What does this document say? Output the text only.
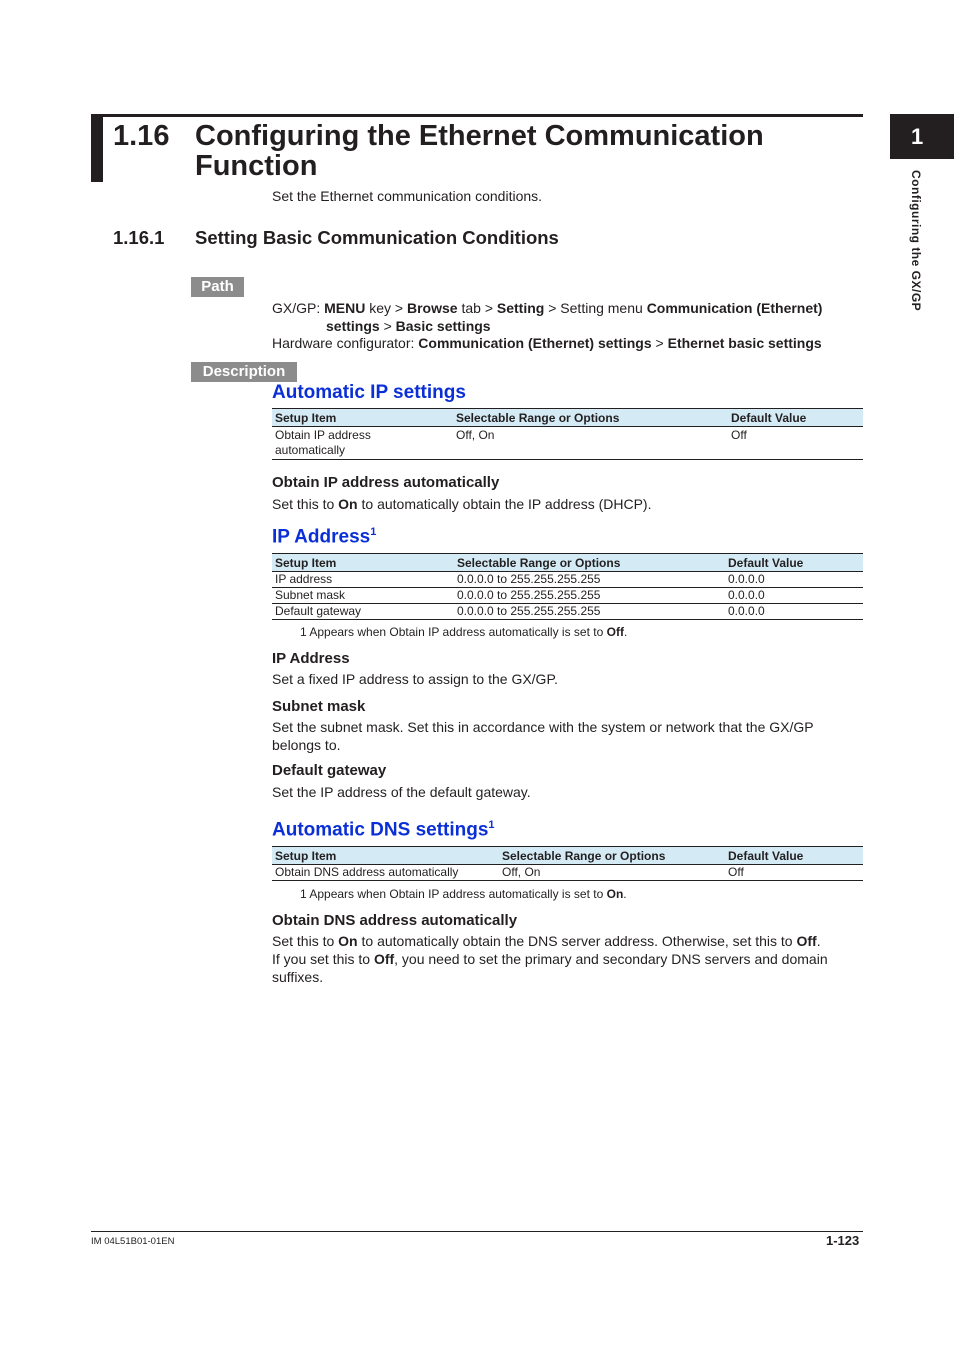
1.16 Configuring the Ethernet Communication Function
Set the Ethernet communication conditions.
1.16.1 Setting Basic Communication Conditions
1
Configuring the GX/GP
Path
GX/GP: MENU key > Browse tab > Setting > Setting menu Communication (Ethernet)
settings > Basic settings
Hardware configurator: Communication (Ethernet) settings > Ethernet basic settings
Description
Automatic IP settings
Setup Item	Selectable Range or Options	Default Value
Obtain IP address
automatically	Off, On	Off
Obtain IP address automatically
Set this to On to automatically obtain the IP address (DHCP).
IP Address$^1$
Setup Item	Selectable Range or Options	Default Value
IP address	0.0.0.0 to 255.255.255.255	0.0.0.0
Subnet mask	0.0.0.0 to 255.255.255.255	0.0.0.0
Default gateway	0.0.0.0 to 255.255.255.255	0.0.0.0
1 Appears when Obtain IP address automatically is set to Off.
IP Address
Set a fixed IP address to assign to the GX/GP.
Subnet mask
Set the subnet mask. Set this in accordance with the system or network that the GX/GP belongs to.
Default gateway
Set the IP address of the default gateway.
Automatic DNS settings$^1$
Setup Item	Selectable Range or Options	Default Value
Obtain DNS address automatically	Off, On	Off
1 Appears when Obtain IP address automatically is set to On.
Obtain DNS address automatically
Set this to On to automatically obtain the DNS server address. Otherwise, set this to Off.
If you set this to Off, you need to set the primary and secondary DNS servers and domain suffixes.
IM 04L51B01-01EN	1-123
